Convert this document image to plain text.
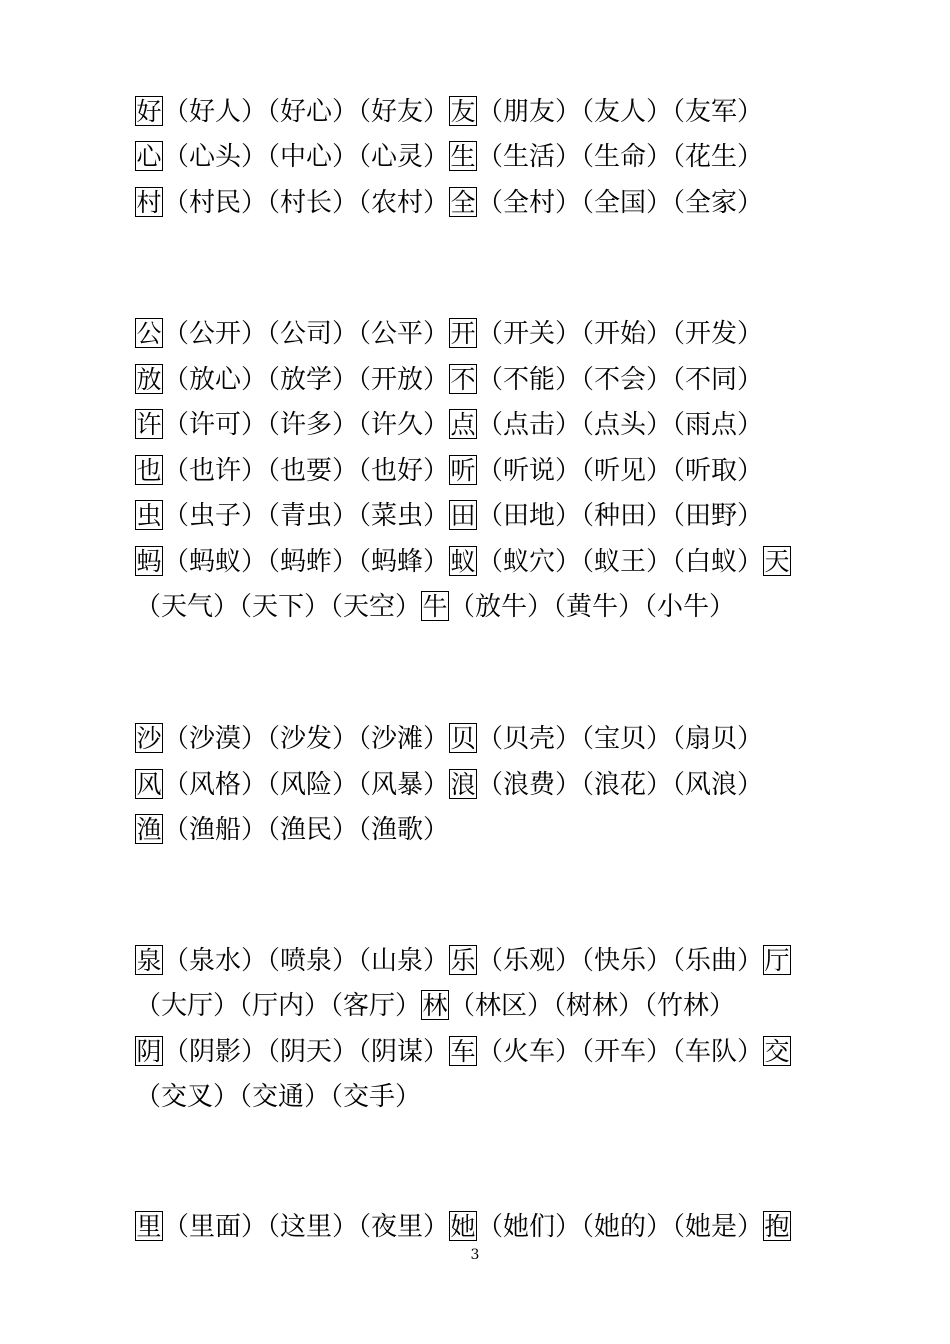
好（好人）（好心）（好友）友（朋友）（友人）（友军）
心（心头）（中心）（心灵）生（生活）（生命）（花生）
村（村民）（村长）（农村）全（全村）（全国）（全家）
公（公开）（公司）（公平）开（开关）（开始）（开发）
放（放心）（放学）（开放）不（不能）（不会）（不同）
许（许可）（许多）（许久）点（点击）（点头）（雨点）
也（也许）（也要）（也好）听（听说）（听见）（听取）
虫（虫子）（青虫）（菜虫）田（田地）（种田）（田野）
蚂（蚂蚁）（蚂蚱）（蚂蜂）蚁（蚁穴）（蚁王）（白蚁）天
（天气）（天下）（天空）牛（放牛）（黄牛）（小牛）
沙（沙漠）（沙发）（沙滩）贝（贝壳）（宝贝）（扇贝）
风（风格）（风险）（风暴）浪（浪费）（浪花）（风浪）
渔（渔船）（渔民）（渔歌）
泉（泉水）（喷泉）（山泉）乐（乐观）（快乐）（乐曲）厅
（大厅）（厅内）（客厅）林（林区）（树林）（竹林）
阴（阴影）（阴天）（阴谋）车（火车）（开车）（车队）交
（交叉）（交通）（交手）
里（里面）（这里）（夜里）她（她们）（她的）（她是）抱
3
